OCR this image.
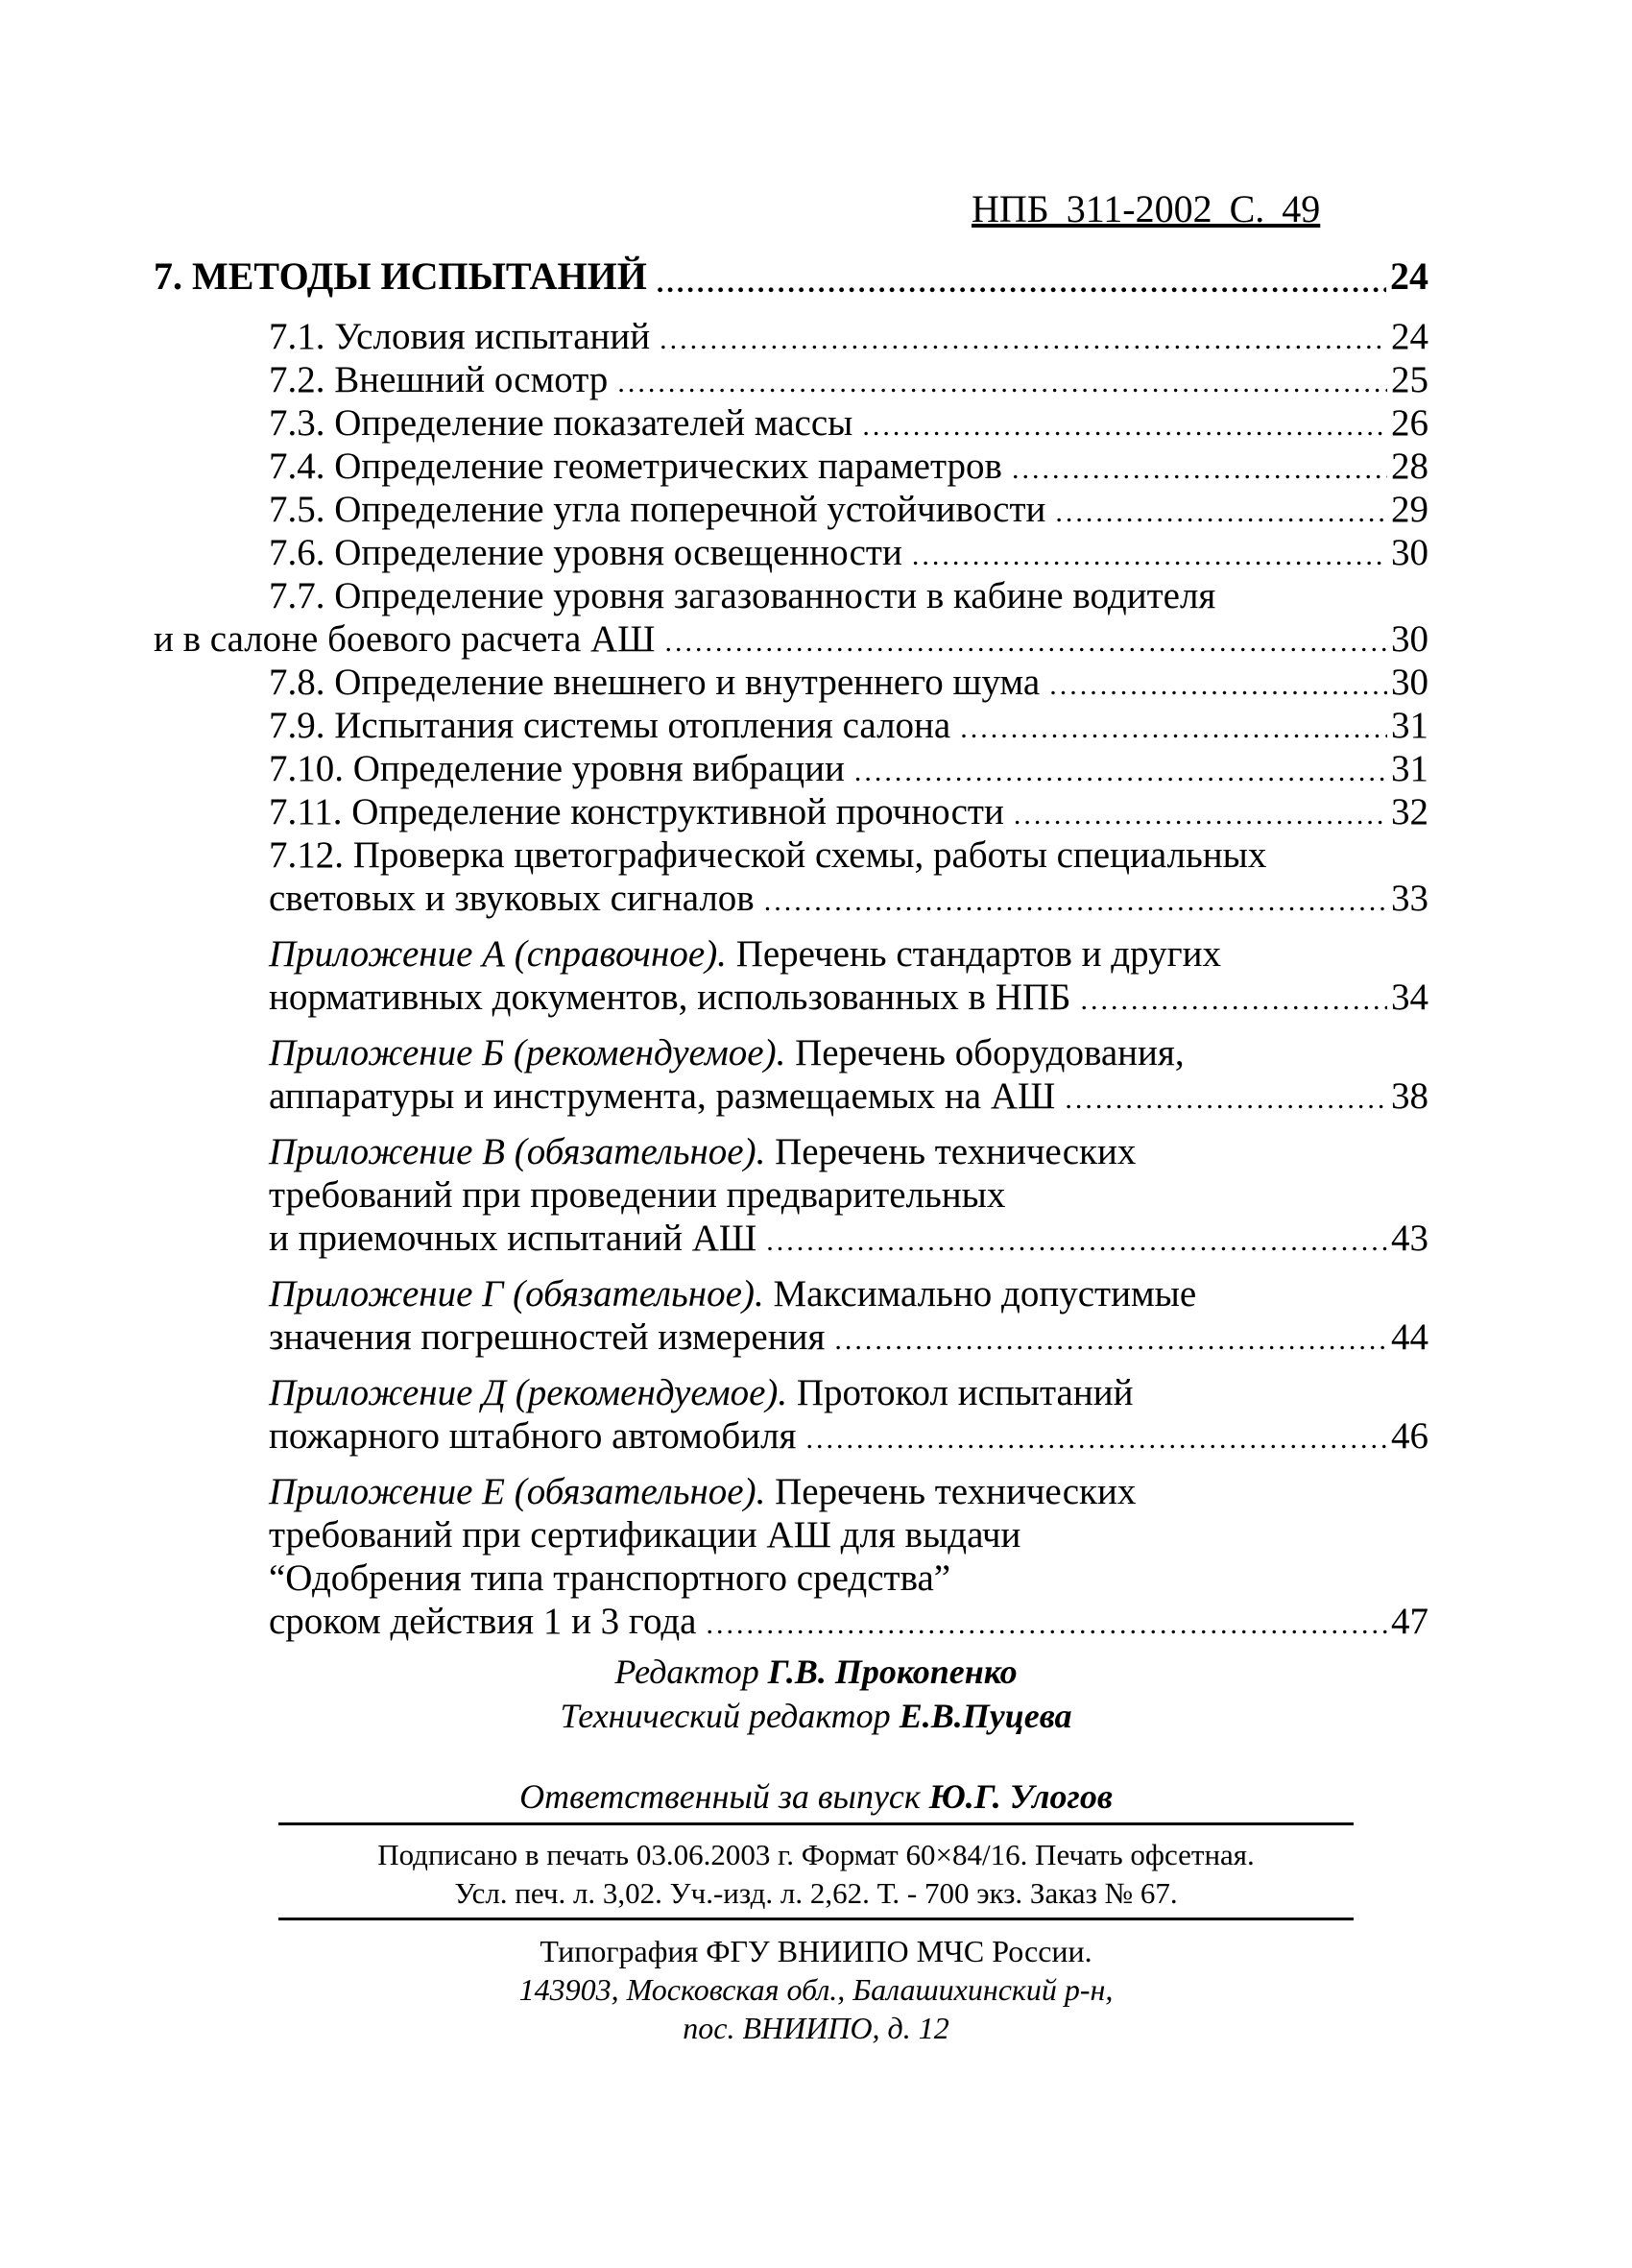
НПБ 311-2002 С. 49
7. МЕТОДЫ ИСПЫТАНИЙ .....	24
7.1. Условия испытаний .....	24
7.2. Внешний осмотр .....	25
7.3. Определение показателей массы .....	26
7.4. Определение геометрических параметров .....	28
7.5. Определение угла поперечной устойчивости .....	29
7.6. Определение уровня освещенности .....	30
7.7. Определение уровня загазованности в кабине водителя
и в салоне боевого расчета АШ .....	30
7.8. Определение внешнего и внутреннего шума .....	30
7.9. Испытания системы отопления салона .....	31
7.10. Определение уровня вибрации .....	31
7.11. Определение конструктивной прочности .....	32
7.12. Проверка цветографической схемы, работы специальных
световых и звуковых сигналов .....	33
Приложение А (справочное). Перечень стандартов и других
нормативных документов, использованных в НПБ .....	34
Приложение Б (рекомендуемое). Перечень оборудования,
аппаратуры и инструмента, размещаемых на АШ .....	38
Приложение В (обязательное). Перечень технических
требований при проведении предварительных
и приемочных испытаний АШ .....	43
Приложение Г (обязательное). Максимально допустимые
значения погрешностей измерения .....	44
Приложение Д (рекомендуемое). Протокол испытаний
пожарного штабного автомобиля .....	46
Приложение Е (обязательное). Перечень технических
требований при сертификации АШ для выдачи
“Одобрения типа транспортного средства”
сроком действия 1 и 3 года .....	47
Редактор Г.В. Прокопенко
Технический редактор Е.В.Пуцева
Ответственный за выпуск Ю.Г. Улогов
Подписано в печать 03.06.2003 г. Формат 60×84/16. Печать офсетная.
Усл. печ. л. 3,02. Уч.-изд. л. 2,62. Т. - 700 экз. Заказ № 67.
Типография ФГУ ВНИИПО МЧС России.
143903, Московская обл., Балашихинский р-н,
пос. ВНИИПО, д. 12
